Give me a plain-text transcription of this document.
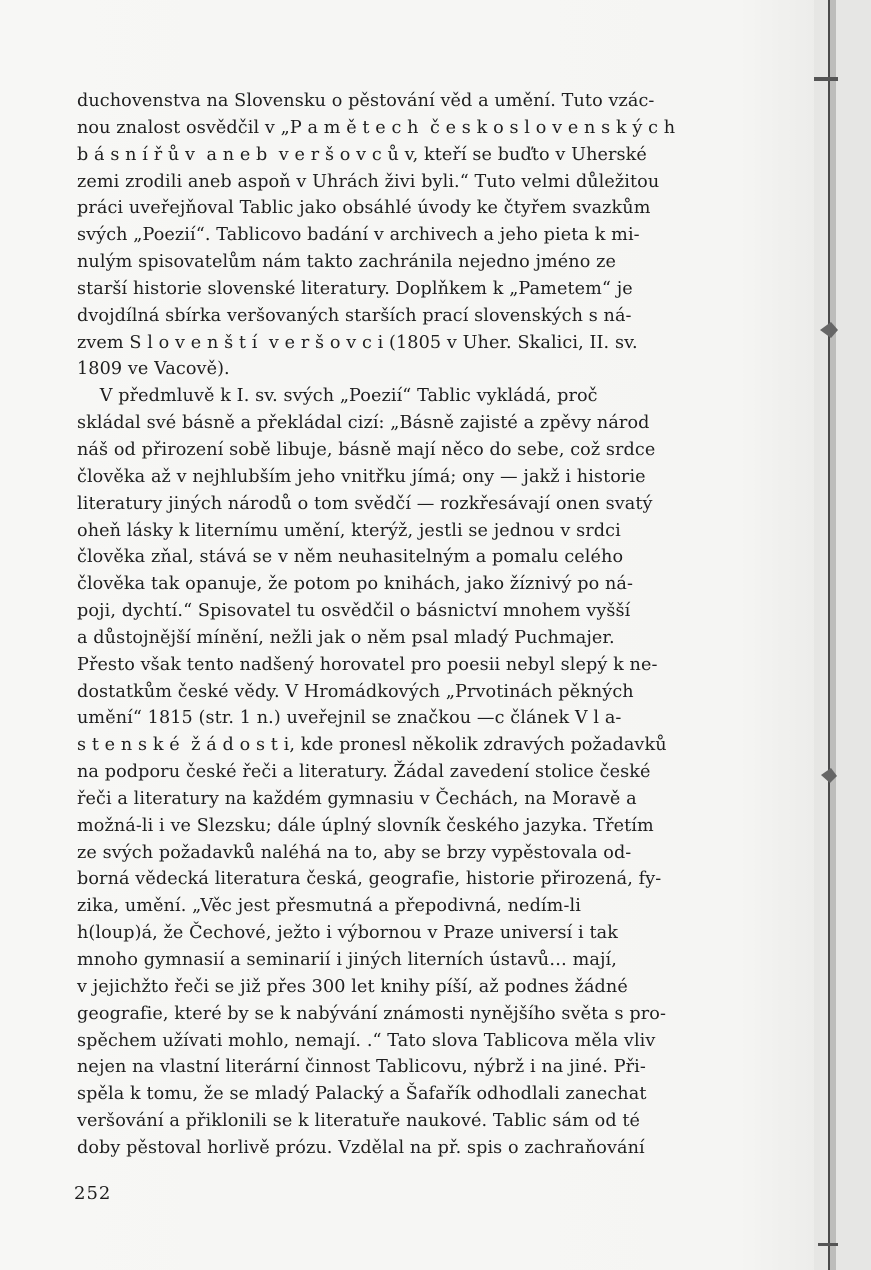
duchovenstva na Slovensku o pěstování věd a umění. Tuto vzác-
nou znalost osvědčil v „P a m ě t e c h  č e s k o s l o v e n s k ý c h
b á s n í ř ů v  a n e b  v e r š o v c ů v, kteří se buďto v Uherské
zemi zrodili aneb aspoň v Uhrách živi byli.“ Tuto velmi důležitou
práci uveřejňoval Tablic jako obsáhlé úvody ke čtyřem svazkům
svých „Poezií“. Tablicovo badání v archivech a jeho pieta k mi-
nulým spisovatelům nám takto zachránila nejedno jméno ze
starší historie slovenské literatury. Doplňkem k „Pametem“ je
dvojdílná sbírka veršovaných starších prací slovenských s ná-
zvem S l o v e n š t í  v e r š o v c i (1805 v Uher. Skalici, II. sv.
1809 ve Vacově).
V předmluvě k I. sv. svých „Poezií“ Tablic vykládá, proč
skládal své básně a překládal cizí: „Básně zajisté a zpěvy národ
náš od přirození sobě libuje, básně mají něco do sebe, což srdce
člověka až v nejhlubším jeho vnitřku jímá; ony — jakž i historie
literatury jiných národů o tom svědčí — rozkřesávají onen svatý
oheň lásky k liternímu umění, kterýž, jestli se jednou v srdci
člověka zňal, stává se v něm neuhasitelným a pomalu celého
člověka tak opanuje, že potom po knihách, jako žíznivý po ná-
poji, dychtí.“ Spisovatel tu osvědčil o básnictví mnohem vyšší
a důstojnější mínění, nežli jak o něm psal mladý Puchmajer.
Přesto však tento nadšený horovatel pro poesii nebyl slepý k ne-
dostatkům české vědy. V Hromádkových „Prvotinách pěkných
umění“ 1815 (str. 1 n.) uveřejnil se značkou —c článek V l a-
s t e n s k é  ž á d o s t i, kde pronesl několik zdravých požadavků
na podporu české řeči a literatury. Žádal zavedení stolice české
řeči a literatury na každém gymnasiu v Čechách, na Moravě a
možná-li i ve Slezsku; dále úplný slovník českého jazyka. Třetím
ze svých požadavků naléhá na to, aby se brzy vypěstovala od-
borná vědecká literatura česká, geografie, historie přirozená, fy-
zika, umění. „Věc jest přesmutná a přepodivná, nedím-li
h(loup)á, že Čechové, ježto i výbornou v Praze universí i tak
mnoho gymnasií a seminarií i jiných literních ústavů… mají,
v jejichžto řeči se již přes 300 let knihy píší, až podnes žádné
geografie, které by se k nabývání známosti nynějšího světa s pro-
spěchem užívati mohlo, nemají. .“ Tato slova Tablicova měla vliv
nejen na vlastní literární činnost Tablicovu, nýbrž i na jiné. Při-
spěla k tomu, že se mladý Palacký a Šafařík odhodlali zanechat
veršování a přiklonili se k literatuře naukové. Tablic sám od té
doby pěstoval horlivě prózu. Vzdělal na př. spis o zachraňování
252
